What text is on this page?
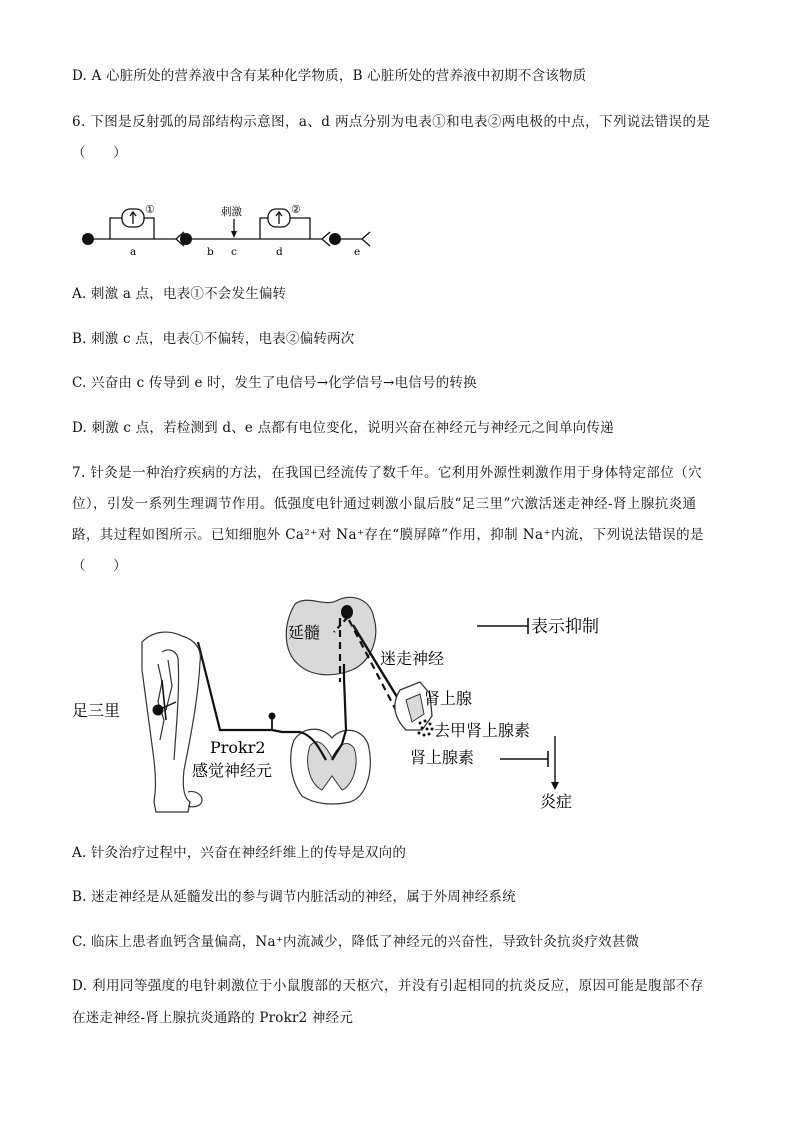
D. A 心脏所处的营养液中含有某种化学物质，B 心脏所处的营养液中初期不含该物质
6. 下图是反射弧的局部结构示意图，a、d 两点分别为电表①和电表②两电极的中点，下列说法错误的是
（　　）
①	②
刺激
a	b c	d	e
A. 刺激 a 点，电表①不会发生偏转
B. 刺激 c 点，电表①不偏转，电表②偏转两次
C. 兴奋由 c 传导到 e 时，发生了电信号→化学信号→电信号的转换
D. 刺激 c 点，若检测到 d、e 点都有电位变化，说明兴奋在神经元与神经元之间单向传递
7. 针灸是一种治疗疾病的方法，在我国已经流传了数千年。它利用外源性刺激作用于身体特定部位（穴
位），引发一系列生理调节作用。低强度电针通过刺激小鼠后肢“足三里”穴激活迷走神经-肾上腺抗炎通
路，其过程如图所示。已知细胞外 Ca²⁺对 Na⁺存在“膜屏障”作用，抑制 Na⁺内流，下列说法错误的是
（　　）
延髓
迷走神经
表示抑制
肾上腺
去甲肾上腺素
肾上腺素
炎症
Prokr2
感觉神经元
足三里
A. 针灸治疗过程中，兴奋在神经纤维上的传导是双向的
B. 迷走神经是从延髓发出的参与调节内脏活动的神经，属于外周神经系统
C. 临床上患者血钙含量偏高，Na⁺内流减少，降低了神经元的兴奋性，导致针灸抗炎疗效甚微
D. 利用同等强度的电针刺激位于小鼠腹部的天枢穴，并没有引起相同的抗炎反应，原因可能是腹部不存
在迷走神经-肾上腺抗炎通路的 Prokr2 神经元
